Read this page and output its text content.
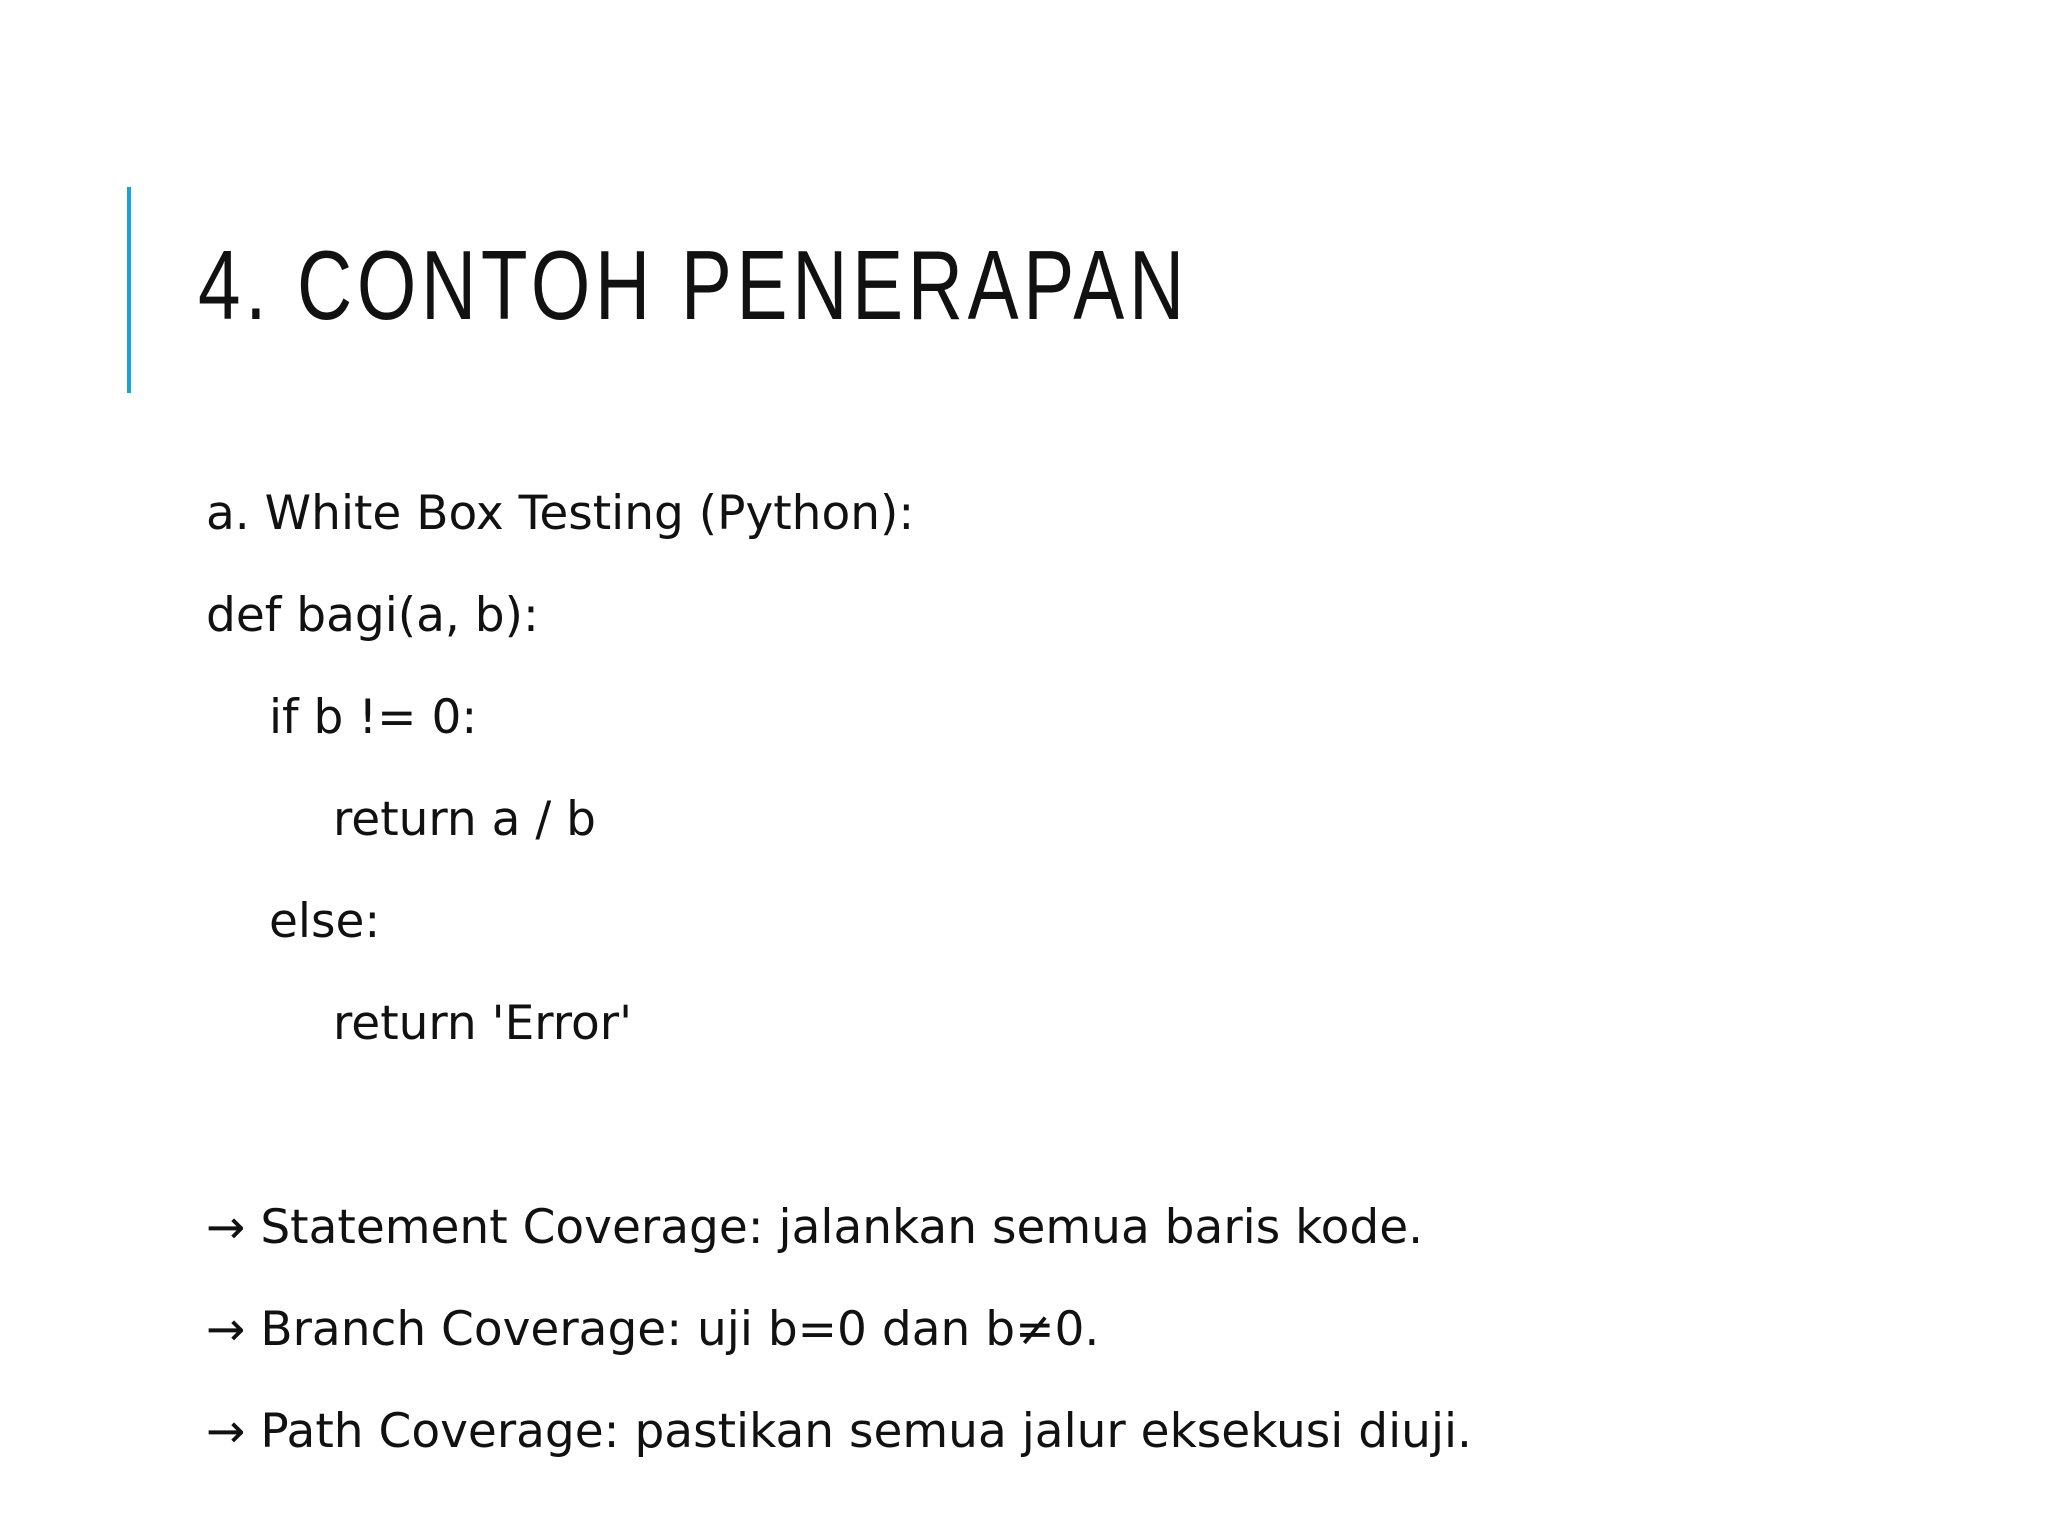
4. CONTOH PENERAPAN
a. White Box Testing (Python):
def bagi(a, b):
if b != 0:
return a / b
else:
return 'Error'
→ Statement Coverage: jalankan semua baris kode.
→ Branch Coverage: uji b=0 dan b≠0.
→ Path Coverage: pastikan semua jalur eksekusi diuji.
